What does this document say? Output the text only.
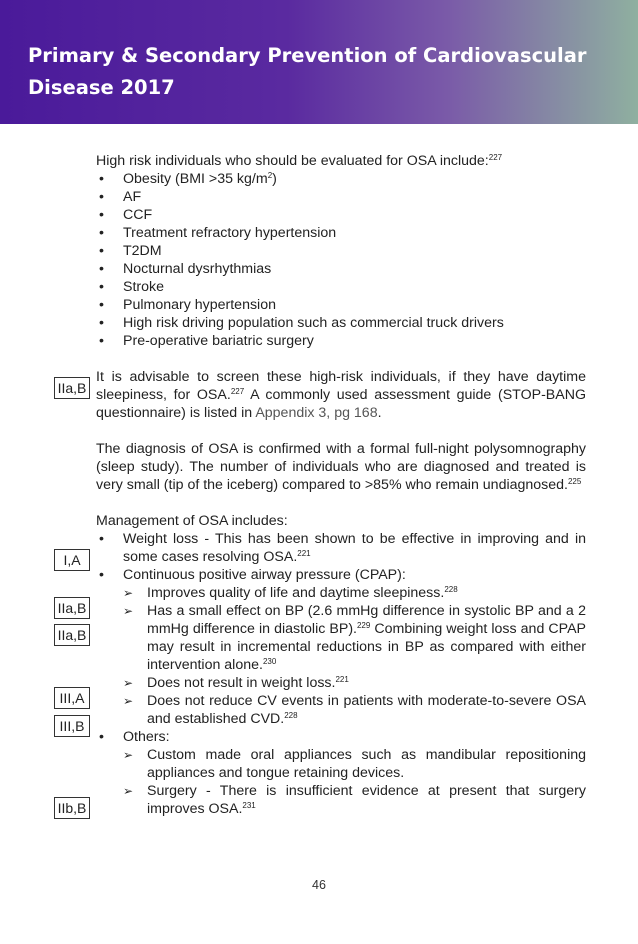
Primary & Secondary Prevention of Cardiovascular Disease 2017

High risk individuals who should be evaluated for OSA include:$^{227}$

• Obesity (BMI >35 $kg/m^2$)
• AF
• CCF
• Treatment refractory hypertension
• T2DM
• Nocturnal dysrhythmias
• Stroke
• Pulmonary hypertension
• High risk driving population such as commercial truck drivers
• Pre-operative bariatric surgery

It is advisable to screen these high-risk individuals, if they have daytime sleepiness, for OSA.$^{227}$ A commonly used assessment guide (STOP-BANG questionnaire) is listed in Appendix 3, pg 168.

The diagnosis of OSA is confirmed with a formal full-night polysomnography (sleep study). The number of individuals who are diagnosed and treated is very small (tip of the iceberg) compared to >85% who remain undiagnosed.$^{225}$

Management of OSA includes:

• Weight loss - This has been shown to be effective in improving and in some cases resolving OSA.$^{221}$
• Continuous positive airway pressure (CPAP):
➢ Improves quality of life and daytime sleepiness.$^{228}$
➢ Has a small effect on BP (2.6 mmHg difference in systolic BP and a 2 mmHg difference in diastolic BP).$^{229}$ Combining weight loss and CPAP may result in incremental reductions in BP as compared with either intervention alone.$^{230}$
➢ Does not result in weight loss.$^{221}$
➢ Does not reduce CV events in patients with moderate-to-severe OSA and established CVD.$^{228}$
• Others:
➢ Custom made oral appliances such as mandibular repositioning appliances and tongue retaining devices.
➢ Surgery - There is insufficient evidence at present that surgery improves OSA.$^{231}$
IIa,B
I,A
IIa,B
IIa,B
III,A
III,B
IIb,B
46
